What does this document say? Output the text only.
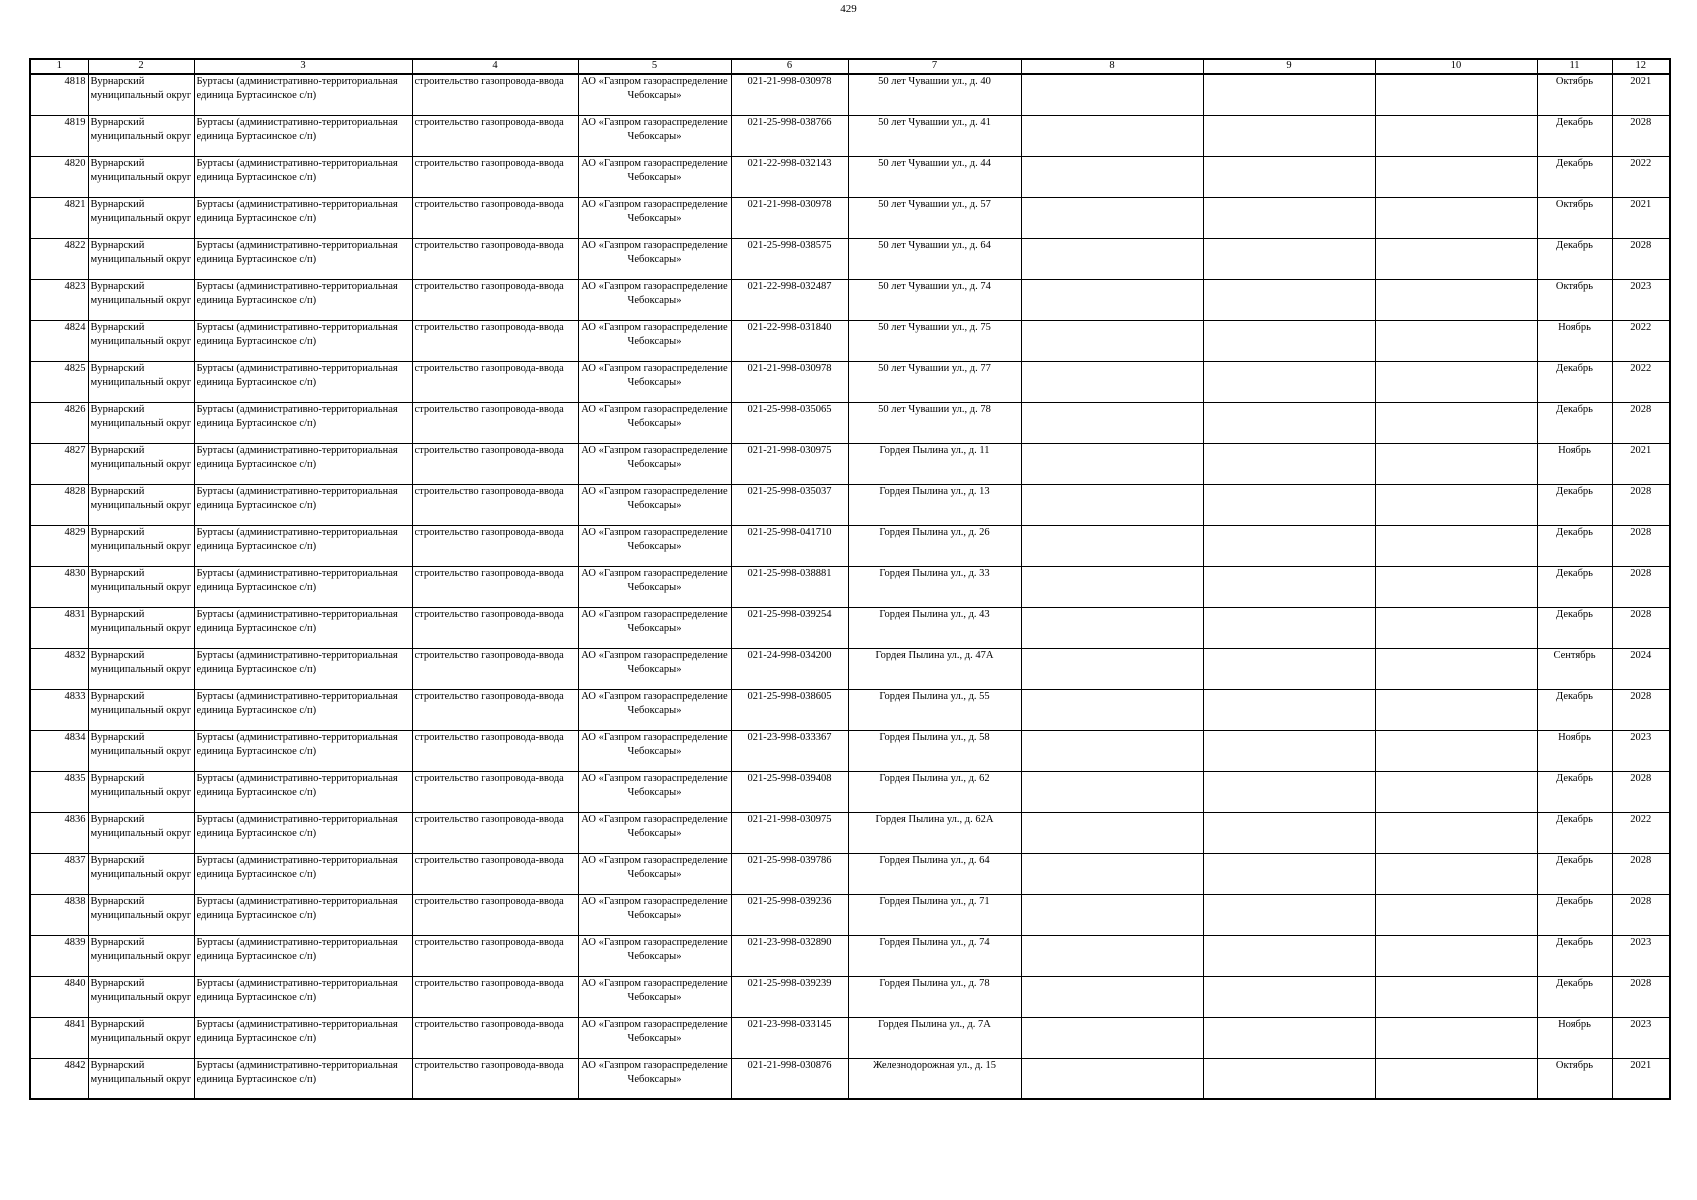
429
1	2	3	4	5	6	7	8	9	10	11	12

4818	Вурнарский муниципальный округ	Буртасы (административно-территориальная единица Буртасинское с/п)	строительство газопровода-ввода	АО «Газпром газораспределение Чебоксары»	021-21-998-030978	50 лет Чувашии ул., д. 40				Октябрь	2021

4819	Вурнарский муниципальный округ	Буртасы (административно-территориальная единица Буртасинское с/п)	строительство газопровода-ввода	АО «Газпром газораспределение Чебоксары»	021-25-998-038766	50 лет Чувашии ул., д. 41				Декабрь	2028

4820	Вурнарский муниципальный округ	Буртасы (административно-территориальная единица Буртасинское с/п)	строительство газопровода-ввода	АО «Газпром газораспределение Чебоксары»	021-22-998-032143	50 лет Чувашии ул., д. 44				Декабрь	2022

4821	Вурнарский муниципальный округ	Буртасы (административно-территориальная единица Буртасинское с/п)	строительство газопровода-ввода	АО «Газпром газораспределение Чебоксары»	021-21-998-030978	50 лет Чувашии ул., д. 57				Октябрь	2021

4822	Вурнарский муниципальный округ	Буртасы (административно-территориальная единица Буртасинское с/п)	строительство газопровода-ввода	АО «Газпром газораспределение Чебоксары»	021-25-998-038575	50 лет Чувашии ул., д. 64				Декабрь	2028

4823	Вурнарский муниципальный округ	Буртасы (административно-территориальная единица Буртасинское с/п)	строительство газопровода-ввода	АО «Газпром газораспределение Чебоксары»	021-22-998-032487	50 лет Чувашии ул., д. 74				Октябрь	2023

4824	Вурнарский муниципальный округ	Буртасы (административно-территориальная единица Буртасинское с/п)	строительство газопровода-ввода	АО «Газпром газораспределение Чебоксары»	021-22-998-031840	50 лет Чувашии ул., д. 75				Ноябрь	2022

4825	Вурнарский муниципальный округ	Буртасы (административно-территориальная единица Буртасинское с/п)	строительство газопровода-ввода	АО «Газпром газораспределение Чебоксары»	021-21-998-030978	50 лет Чувашии ул., д. 77				Декабрь	2022

4826	Вурнарский муниципальный округ	Буртасы (административно-территориальная единица Буртасинское с/п)	строительство газопровода-ввода	АО «Газпром газораспределение Чебоксары»	021-25-998-035065	50 лет Чувашии ул., д. 78				Декабрь	2028

4827	Вурнарский муниципальный округ	Буртасы (административно-территориальная единица Буртасинское с/п)	строительство газопровода-ввода	АО «Газпром газораспределение Чебоксары»	021-21-998-030975	Гордея Пылина ул., д. 11				Ноябрь	2021

4828	Вурнарский муниципальный округ	Буртасы (административно-территориальная единица Буртасинское с/п)	строительство газопровода-ввода	АО «Газпром газораспределение Чебоксары»	021-25-998-035037	Гордея Пылина ул., д. 13				Декабрь	2028

4829	Вурнарский муниципальный округ	Буртасы (административно-территориальная единица Буртасинское с/п)	строительство газопровода-ввода	АО «Газпром газораспределение Чебоксары»	021-25-998-041710	Гордея Пылина ул., д. 26				Декабрь	2028

4830	Вурнарский муниципальный округ	Буртасы (административно-территориальная единица Буртасинское с/п)	строительство газопровода-ввода	АО «Газпром газораспределение Чебоксары»	021-25-998-038881	Гордея Пылина ул., д. 33				Декабрь	2028

4831	Вурнарский муниципальный округ	Буртасы (административно-территориальная единица Буртасинское с/п)	строительство газопровода-ввода	АО «Газпром газораспределение Чебоксары»	021-25-998-039254	Гордея Пылина ул., д. 43				Декабрь	2028

4832	Вурнарский муниципальный округ	Буртасы (административно-территориальная единица Буртасинское с/п)	строительство газопровода-ввода	АО «Газпром газораспределение Чебоксары»	021-24-998-034200	Гордея Пылина ул., д. 47А				Сентябрь	2024

4833	Вурнарский муниципальный округ	Буртасы (административно-территориальная единица Буртасинское с/п)	строительство газопровода-ввода	АО «Газпром газораспределение Чебоксары»	021-25-998-038605	Гордея Пылина ул., д. 55				Декабрь	2028

4834	Вурнарский муниципальный округ	Буртасы (административно-территориальная единица Буртасинское с/п)	строительство газопровода-ввода	АО «Газпром газораспределение Чебоксары»	021-23-998-033367	Гордея Пылина ул., д. 58				Ноябрь	2023

4835	Вурнарский муниципальный округ	Буртасы (административно-территориальная единица Буртасинское с/п)	строительство газопровода-ввода	АО «Газпром газораспределение Чебоксары»	021-25-998-039408	Гордея Пылина ул., д. 62				Декабрь	2028

4836	Вурнарский муниципальный округ	Буртасы (административно-территориальная единица Буртасинское с/п)	строительство газопровода-ввода	АО «Газпром газораспределение Чебоксары»	021-21-998-030975	Гордея Пылина ул., д. 62А				Декабрь	2022

4837	Вурнарский муниципальный округ	Буртасы (административно-территориальная единица Буртасинское с/п)	строительство газопровода-ввода	АО «Газпром газораспределение Чебоксары»	021-25-998-039786	Гордея Пылина ул., д. 64				Декабрь	2028

4838	Вурнарский муниципальный округ	Буртасы (административно-территориальная единица Буртасинское с/п)	строительство газопровода-ввода	АО «Газпром газораспределение Чебоксары»	021-25-998-039236	Гордея Пылина ул., д. 71				Декабрь	2028

4839	Вурнарский муниципальный округ	Буртасы (административно-территориальная единица Буртасинское с/п)	строительство газопровода-ввода	АО «Газпром газораспределение Чебоксары»	021-23-998-032890	Гордея Пылина ул., д. 74				Декабрь	2023

4840	Вурнарский муниципальный округ	Буртасы (административно-территориальная единица Буртасинское с/п)	строительство газопровода-ввода	АО «Газпром газораспределение Чебоксары»	021-25-998-039239	Гордея Пылина ул., д. 78				Декабрь	2028

4841	Вурнарский муниципальный округ	Буртасы (административно-территориальная единица Буртасинское с/п)	строительство газопровода-ввода	АО «Газпром газораспределение Чебоксары»	021-23-998-033145	Гордея Пылина ул., д. 7А				Ноябрь	2023

4842	Вурнарский муниципальный округ	Буртасы (административно-территориальная единица Буртасинское с/п)	строительство газопровода-ввода	АО «Газпром газораспределение Чебоксары»	021-21-998-030876	Железнодорожная ул., д. 15				Октябрь	2021
